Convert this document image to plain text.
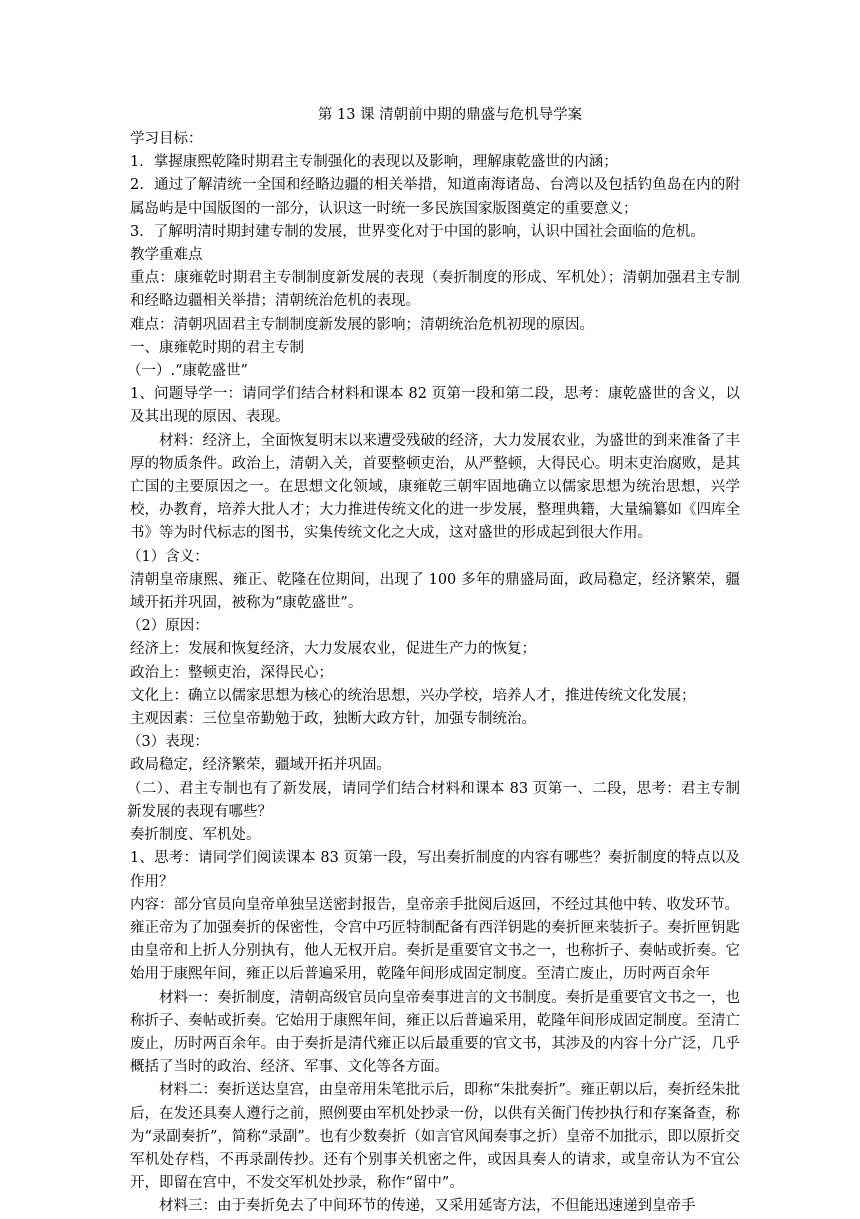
第 13 课 清朝前中期的鼎盛与危机导学案

学习目标：

1．掌握康熙乾隆时期君主专制强化的表现以及影响，理解康乾盛世的内涵；

2．通过了解清统一全国和经略边疆的相关举措，知道南海诸岛、台湾以及包括钓鱼岛在内的附属岛屿是中国版图的一部分，认识这一时统一多民族国家版图奠定的重要意义；

3．了解明清时期封建专制的发展，世界变化对于中国的影响，认识中国社会面临的危机。

教学重难点

重点：康雍乾时期君主专制制度新发展的表现（奏折制度的形成、军机处）；清朝加强君主专制和经略边疆相关举措；清朝统治危机的表现。

难点：清朝巩固君主专制制度新发展的影响；清朝统治危机初现的原因。

一、康雍乾时期的君主专制

（一）.“康乾盛世”

1、问题导学一：请同学们结合材料和课本 82 页第一段和第二段，思考：康乾盛世的含义，以及其出现的原因、表现。

材料：经济上，全面恢复明末以来遭受残破的经济，大力发展农业，为盛世的到来准备了丰厚的物质条件。政治上，清朝入关，首要整顿吏治，从严整顿，大得民心。明末吏治腐败，是其亡国的主要原因之一。在思想文化领域，康雍乾三朝牢固地确立以儒家思想为统治思想，兴学校，办教育，培养大批人才；大力推进传统文化的进一步发展，整理典籍，大量编纂如《四库全书》等为时代标志的图书，实集传统文化之大成，这对盛世的形成起到很大作用。

（1）含义：

清朝皇帝康熙、雍正、乾隆在位期间，出现了 100 多年的鼎盛局面，政局稳定，经济繁荣，疆域开拓并巩固，被称为“康乾盛世”。

（2）原因：

经济上：发展和恢复经济，大力发展农业，促进生产力的恢复；

政治上：整顿吏治，深得民心；

文化上：确立以儒家思想为核心的统治思想，兴办学校，培养人才，推进传统文化发展；

主观因素：三位皇帝勤勉于政，独断大政方针，加强专制统治。

（3）表现：

政局稳定，经济繁荣，疆域开拓并巩固。

（二）、君主专制也有了新发展，请同学们结合材料和课本 83 页第一、二段，思考：君主专制新发展的表现有哪些？

奏折制度、军机处。

1、思考：请同学们阅读课本 83 页第一段，写出奏折制度的内容有哪些？奏折制度的特点以及作用？

内容：部分官员向皇帝单独呈送密封报告，皇帝亲手批阅后返回，不经过其他中转、收发环节。

雍正帝为了加强奏折的保密性，令宫中巧匠特制配备有西洋钥匙的奏折匣来装折子。奏折匣钥匙由皇帝和上折人分别执有，他人无权开启。奏折是重要官文书之一，也称折子、奏帖或折奏。它始用于康熙年间，雍正以后普遍采用，乾隆年间形成固定制度。至清亡废止，历时两百余年

材料一：奏折制度，清朝高级官员向皇帝奏事进言的文书制度。奏折是重要官文书之一，也称折子、奏帖或折奏。它始用于康熙年间，雍正以后普遍采用，乾隆年间形成固定制度。至清亡废止，历时两百余年。由于奏折是清代雍正以后最重要的官文书，其涉及的内容十分广泛，几乎概括了当时的政治、经济、军事、文化等各方面。

材料二：奏折送达皇宫，由皇帝用朱笔批示后，即称“朱批奏折”。雍正朝以后，奏折经朱批后，在发还具奏人遵行之前，照例要由军机处抄录一份，以供有关衙门传抄执行和存案备查，称为“录副奏折”，简称“录副”。也有少数奏折（如言官风闻奏事之折）皇帝不加批示，即以原折交军机处存档，不再录副传抄。还有个别事关机密之件，或因具奏人的请求，或皇帝认为不宜公开，即留在宫中，不发交军机处抄录，称作“留中”。

材料三：由于奏折免去了中间环节的传递，又采用延寄方法，不但能迅速递到皇帝手
